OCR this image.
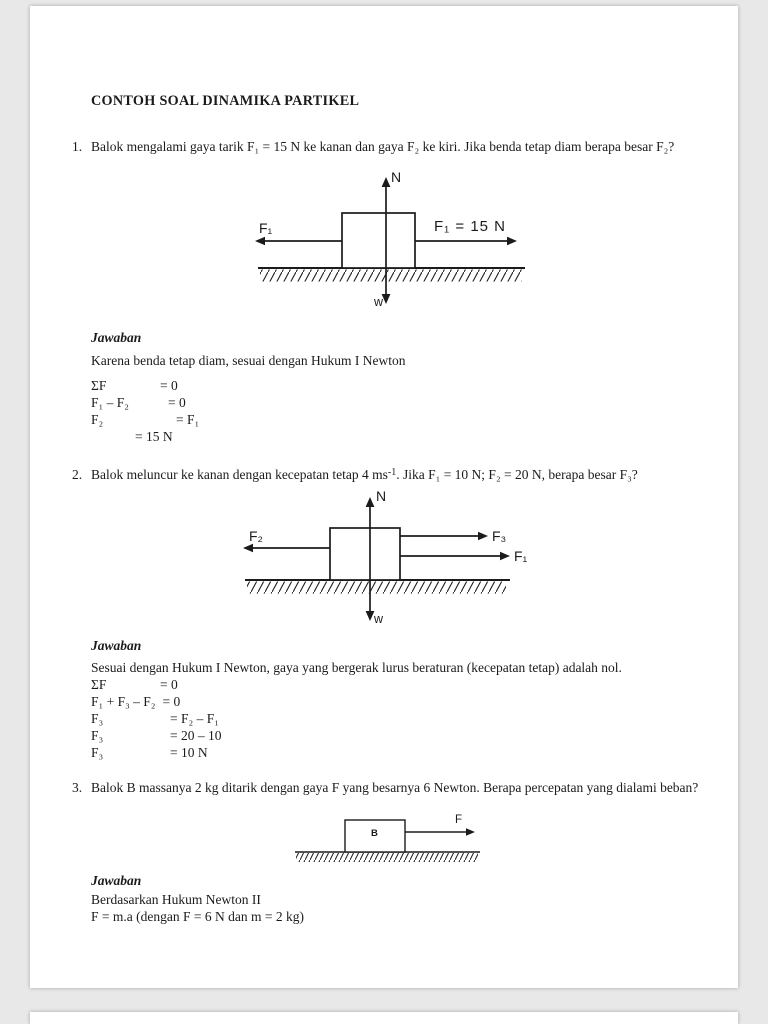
CONTOH SOAL DINAMIKA PARTIKEL
1. Balok mengalami gaya tarik F₁ = 15 N ke kanan dan gaya F₂ ke kiri. Jika benda tetap diam berapa besar F₂?
N
F₁	F₁ = 15 N
w
Jawaban
Karena benda tetap diam, sesuai dengan Hukum I Newton
ΣF	= 0
F₁ – F₂	= 0
F₂	= F₁
= 15 N
2. Balok meluncur ke kanan dengan kecepatan tetap 4 $ms^{-1}$. Jika F₁ = 10 N; F₂ = 20 N, berapa besar F₃?
N
F₂	F₃
F₁
w
Jawaban
Sesuai dengan Hukum I Newton, gaya yang bergerak lurus beraturan (kecepatan tetap) adalah nol.
ΣF	= 0
F₁ + F₃ – F₂ = 0
F₃	= F₂ – F₁
F₃	= 20 – 10
F₃	= 10 N
3. Balok B massanya 2 kg ditarik dengan gaya F yang besarnya 6 Newton. Berapa percepatan yang dialami beban?
B
F
Jawaban
Berdasarkan Hukum Newton II
F = m.a (dengan F = 6 N dan m = 2 kg)
